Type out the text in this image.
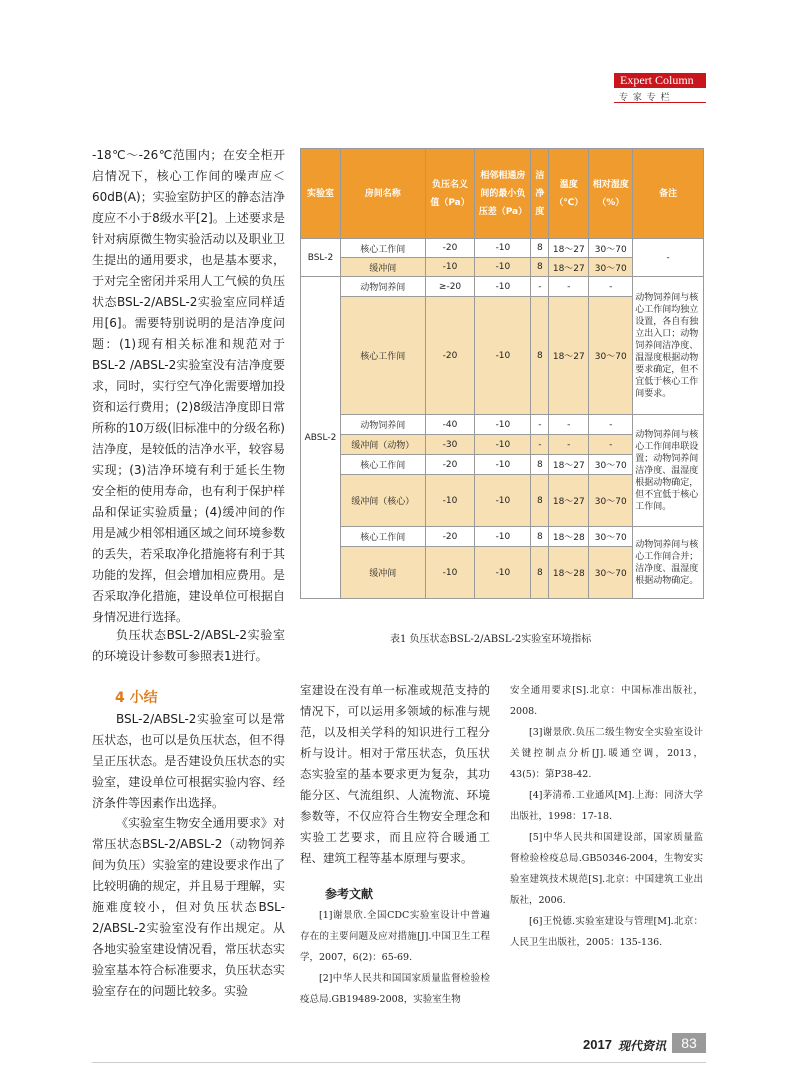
Expert Column
专 家 专 栏

-18℃～-26℃范围内；在安全柜开启情况下，核心工作间的噪声应＜60dB(A)；实验室防护区的静态洁净度应不小于8级水平[2]。上述要求是针对病原微生物实验活动以及职业卫生提出的通用要求，也是基本要求，于对完全密闭并采用人工气候的负压状态BSL-2/ABSL-2实验室应同样适用[6]。需要特别说明的是洁净度问题：(1)现有相关标准和规范对于BSL-2 /ABSL-2实验室没有洁净度要求，同时，实行空气净化需要增加投资和运行费用；(2)8级洁净度即日常所称的10万级(旧标准中的分级名称)洁净度，是较低的洁净水平，较容易实现；(3)洁净环境有利于延长生物安全柜的使用寿命，也有利于保护样品和保证实验质量；(4)缓冲间的作用是减少相邻相通区域之间环境参数的丢失，若采取净化措施将有利于其功能的发挥，但会增加相应费用。是否采取净化措施，建设单位可根据自身情况进行选择。

负压状态BSL-2/ABSL-2实验室的环境设计参数可参照表1进行。

4 小结

BSL-2/ABSL-2实验室可以是常压状态，也可以是负压状态，但不得呈正压状态。是否建设负压状态的实验室，建设单位可根据实验内容、经济条件等因素作出选择。

《实验室生物安全通用要求》对常压状态BSL-2/ABSL-2（动物饲养间为负压）实验室的建设要求作出了比较明确的规定，并且易于理解，实施难度较小，但对负压状态BSL-2/ABSL-2实验室没有作出规定。从各地实验室建设情况看，常压状态实验室基本符合标准要求，负压状态实验室存在的问题比较多。实验

室建设在没有单一标准或规范支持的情况下，可以运用多领域的标准与规范，以及相关学科的知识进行工程分析与设计。相对于常压状态，负压状态实验室的基本要求更为复杂，其功能分区、气流组织、人流物流、环境参数等，不仅应符合生物安全理念和实验工艺要求，而且应符合暖通工程、建筑工程等基本原理与要求。

参考文献

[1]谢景欣.全国CDC实验室设计中普遍存在的主要问题及应对措施[J].中国卫生工程学，2007，6(2)：65-69.

[2]中华人民共和国国家质量监督检验检疫总局.GB19489-2008，实验室生物

安全通用要求[S].北京：中国标准出版社，2008.

[3]谢景欣.负压二级生物安全实验室设计关键控制点分析[J].暖通空调，2013，43(5)：第P38-42.

[4]茅清希.工业通风[M].上海：同济大学出版社，1998：17-18.

[5]中华人民共和国建设部，国家质量监督检验检疫总局.GB50346-2004，生物安实验室建筑技术规范[S].北京：中国建筑工业出版社，2006.

[6]王悦德.实验室建设与管理[M].北京：人民卫生出版社，2005：135-136.

实验室	房间名称	负压名义值（Pa）	相邻相通房间的最小负压差（Pa）	洁净度	温度（℃）	相对湿度（%）	备注
BSL-2	核心工作间	-20	-10	8	18～27	30～70	-
	缓冲间	-10	-10	8	18～27	30～70	
ABSL-2	动物饲养间	≥-20	-10	-	-	-	动物饲养间与核心工作间均独立设置，各自有独立出入口；动物饲养间洁净度、温湿度根据动物要求确定，但不宜低于核心工作间要求。
	核心工作间	-20	-10	8	18～27	30～70	
	动物饲养间	-40	-10	-	-	-	动物饲养间与核心工作间串联设置；动物饲养间洁净度、温湿度根据动物确定，但不宜低于核心工作间。
	缓冲间（动物）	-30	-10	-	-	-	
	核心工作间	-20	-10	8	18～27	30～70	
	缓冲间（核心）	-10	-10	8	18～27	30～70	
	核心工作间	-20	-10	8	18～28	30～70	动物饲养间与核心工作间合并；洁净度、温湿度根据动物确定。
	缓冲间	-10	-10	8	18～28	30～70	
表1 负压状态BSL-2/ABSL-2实验室环境指标
2017 现代资讯	83
